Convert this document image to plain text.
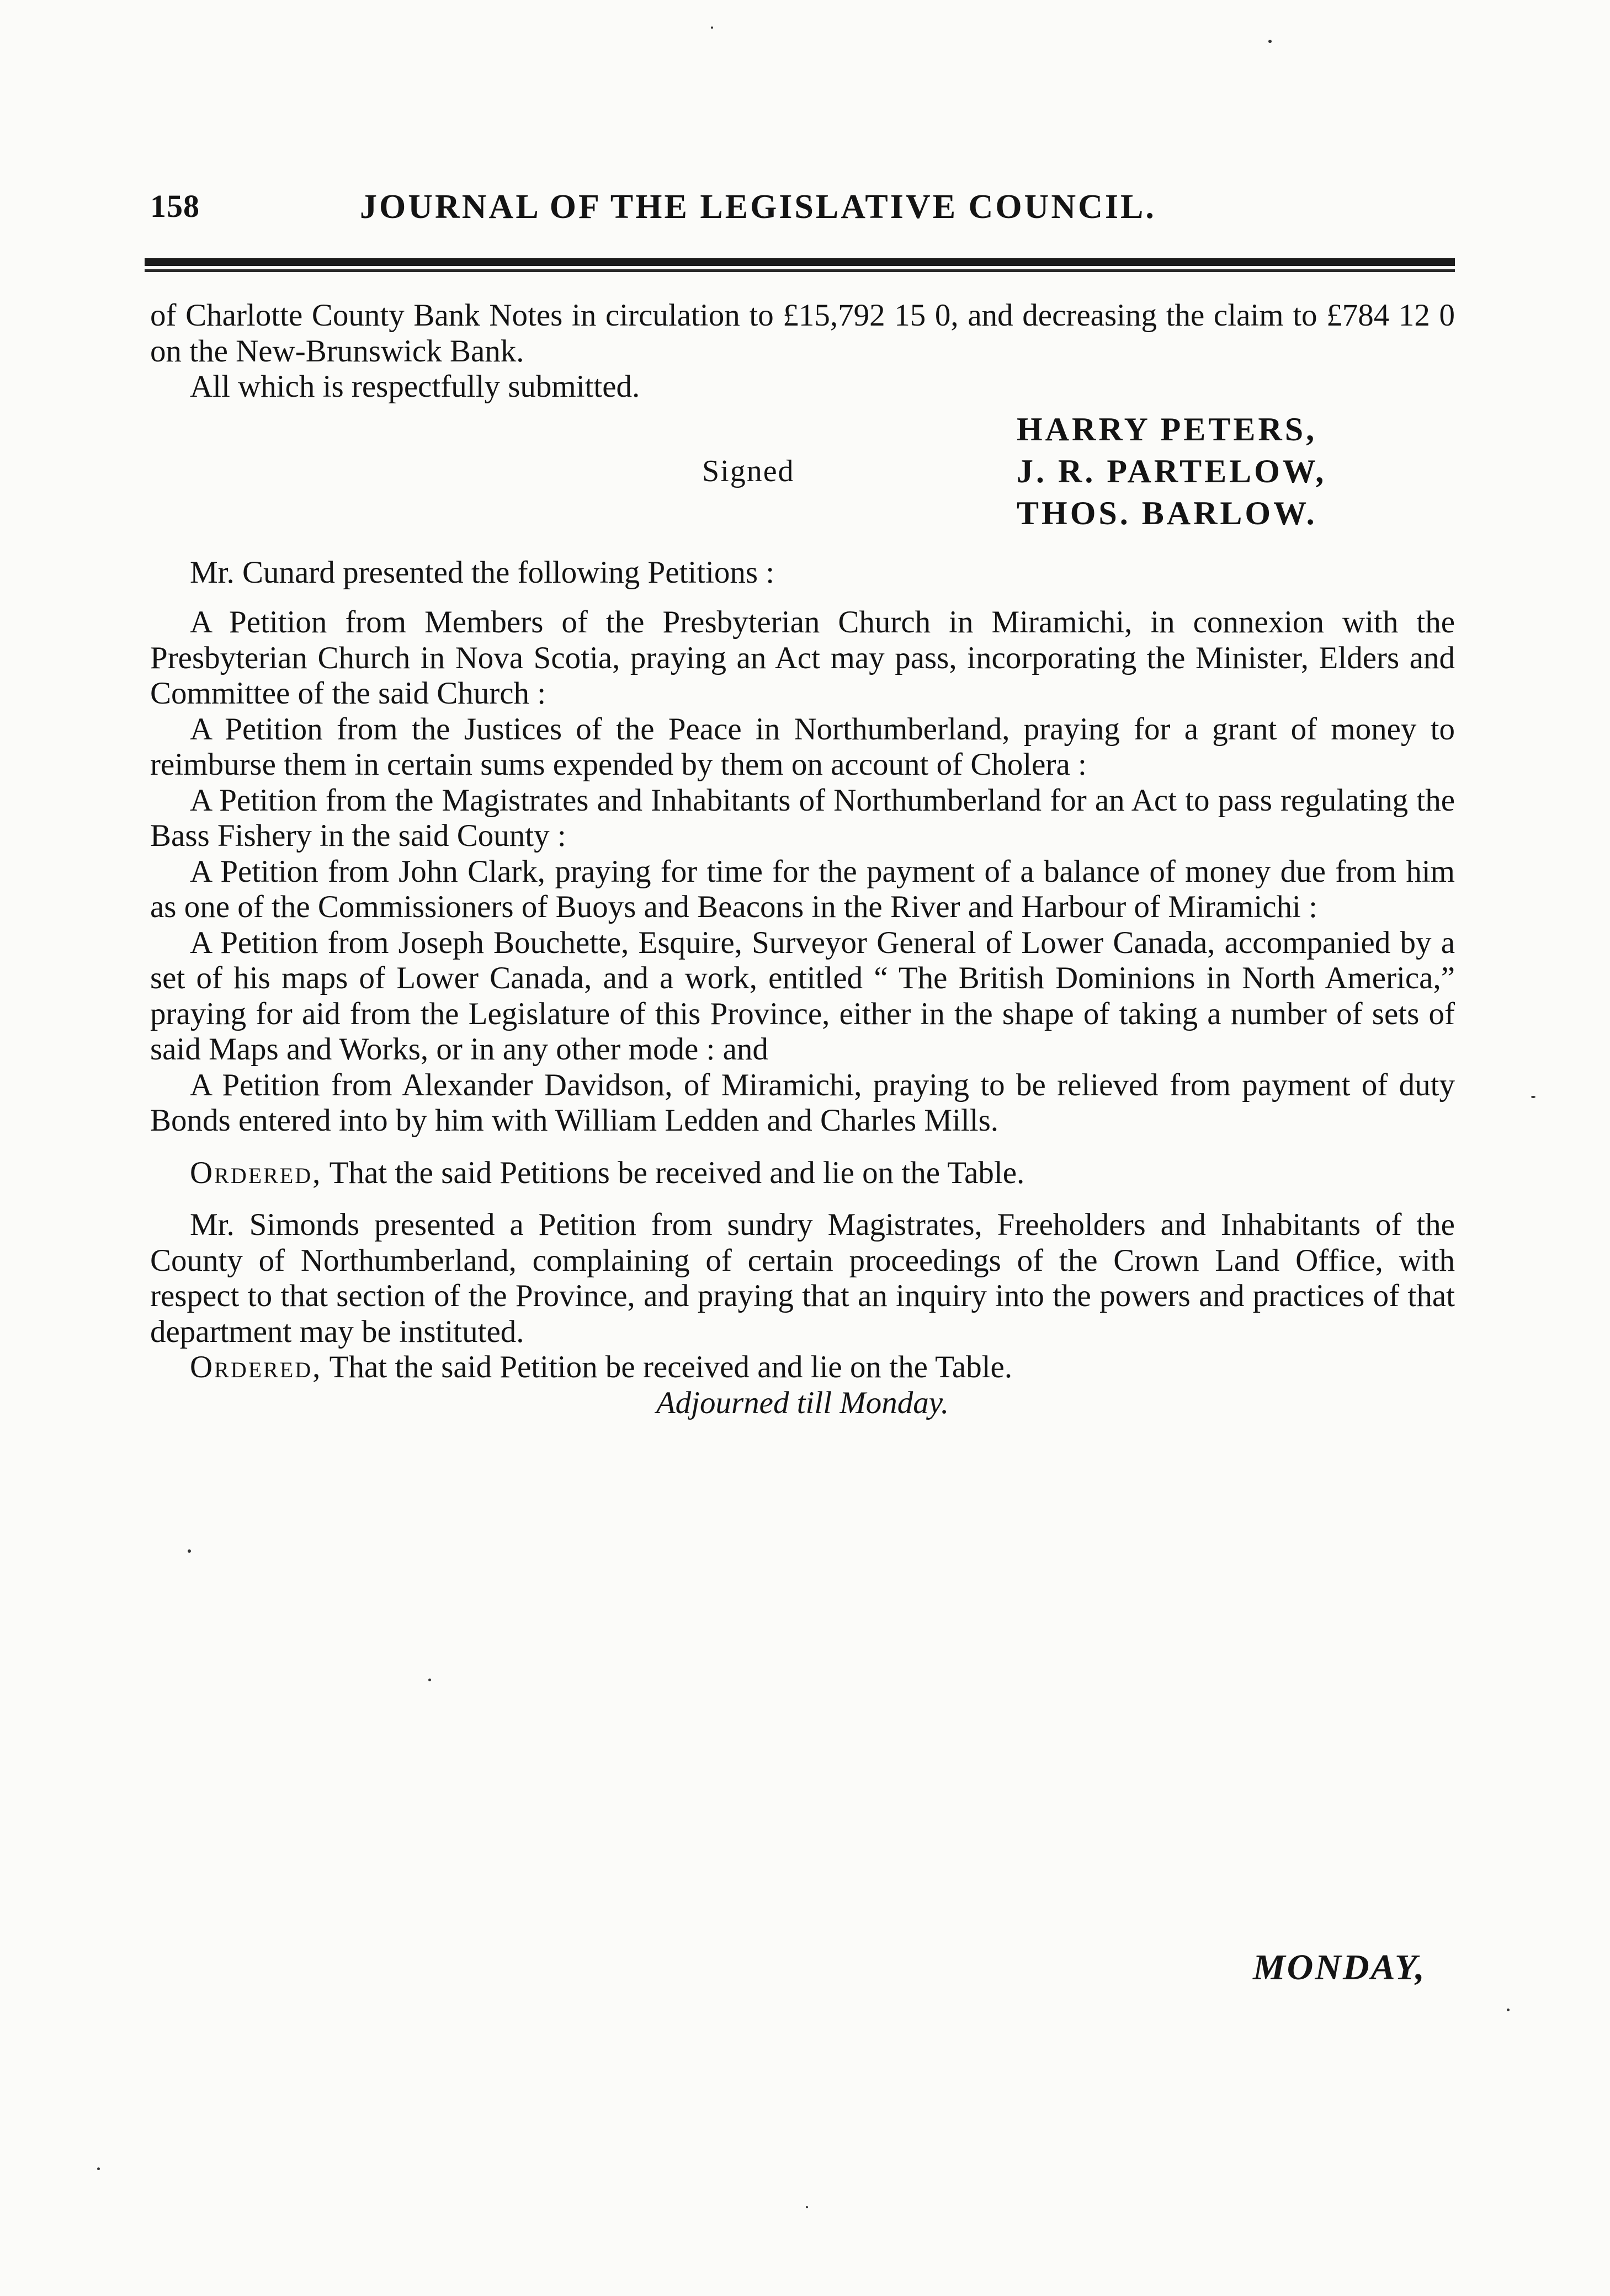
158	JOURNAL OF THE LEGISLATIVE COUNCIL.

of Charlotte County Bank Notes in circulation to £15,792 15 0, and decreasing the claim to £784 12 0 on the New-Brunswick Bank.

All which is respectfully submitted.

Signed
HARRY PETERS,
J. R. PARTELOW,
THOS. BARLOW.

Mr. Cunard presented the following Petitions :

A Petition from Members of the Presbyterian Church in Miramichi, in connexion with the Presbyterian Church in Nova Scotia, praying an Act may pass, incorporating the Minister, Elders and Committee of the said Church :

A Petition from the Justices of the Peace in Northumberland, praying for a grant of money to reimburse them in certain sums expended by them on account of Cholera :

A Petition from the Magistrates and Inhabitants of Northumberland for an Act to pass regulating the Bass Fishery in the said County :

A Petition from John Clark, praying for time for the payment of a balance of money due from him as one of the Commissioners of Buoys and Beacons in the River and Harbour of Miramichi :

A Petition from Joseph Bouchette, Esquire, Surveyor General of Lower Canada, accompanied by a set of his maps of Lower Canada, and a work, entitled “ The British Dominions in North America,” praying for aid from the Legislature of this Province, either in the shape of taking a number of sets of said Maps and Works, or in any other mode : and

A Petition from Alexander Davidson, of Miramichi, praying to be relieved from payment of duty Bonds entered into by him with William Ledden and Charles Mills.

Ordered, That the said Petitions be received and lie on the Table.

Mr. Simonds presented a Petition from sundry Magistrates, Freeholders and Inhabitants of the County of Northumberland, complaining of certain proceedings of the Crown Land Office, with respect to that section of the Province, and praying that an inquiry into the powers and practices of that department may be instituted.

Ordered, That the said Petition be received and lie on the Table.

Adjourned till Monday.

MONDAY,
